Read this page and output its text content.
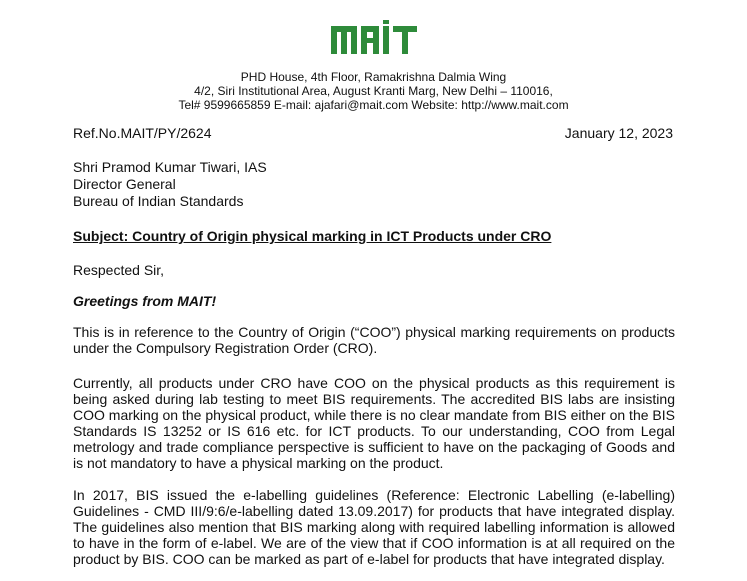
PHD House, 4th Floor, Ramakrishna Dalmia Wing
4/2, Siri Institutional Area, August Kranti Marg, New Delhi – 110016,
Tel# 9599665859 E-mail: ajafari@mait.com Website: http://www.mait.com
Ref.No.MAIT/PY/2624	January 12, 2023
Shri Pramod Kumar Tiwari, IAS
Director General
Bureau of Indian Standards
Subject: Country of Origin physical marking in ICT Products under CRO
Respected Sir,
Greetings from MAIT!

This is in reference to the Country of Origin (“COO”) physical marking requirements on products under the Compulsory Registration Order (CRO).

Currently, all products under CRO have COO on the physical products as this requirement is being asked during lab testing to meet BIS requirements. The accredited BIS labs are insisting COO marking on the physical product, while there is no clear mandate from BIS either on the BIS Standards IS 13252 or IS 616 etc. for ICT products. To our understanding, COO from Legal metrology and trade compliance perspective is sufficient to have on the packaging of Goods and is not mandatory to have a physical marking on the product.

In 2017, BIS issued the e-labelling guidelines (Reference: Electronic Labelling (e-labelling) Guidelines - CMD III/9:6/e-labelling dated 13.09.2017) for products that have integrated display. The guidelines also mention that BIS marking along with required labelling information is allowed to have in the form of e-label. We are of the view that if COO information is at all required on the product by BIS. COO can be marked as part of e-label for products that have integrated display.
